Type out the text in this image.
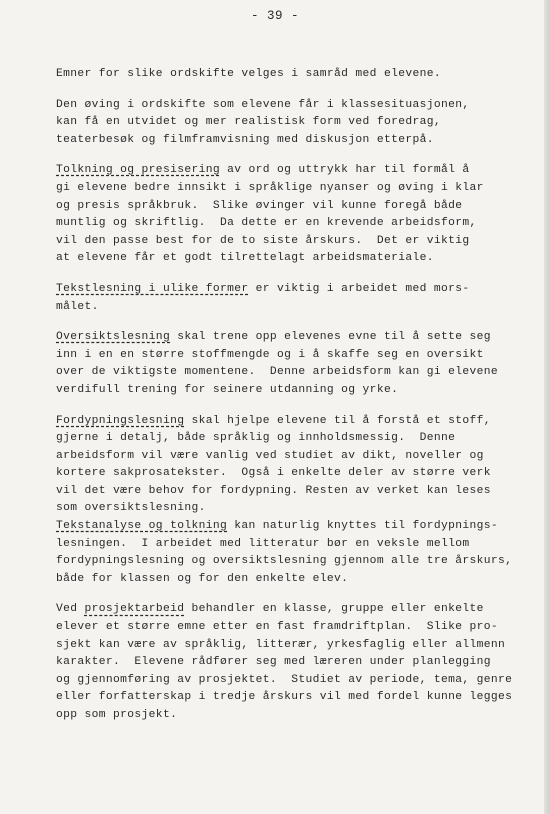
- 39 -
Emner for slike ordskifte velges i samråd med elevene.
Den øving i ordskifte som elevene får i klassesituasjonen,
kan få en utvidet og mer realistisk form ved foredrag,
teaterbesøk og filmframvisning med diskusjon etterpå.
Tolkning og presisering av ord og uttrykk har til formål å
gi elevene bedre innsikt i språklige nyanser og øving i klar
og presis språkbruk.  Slike øvinger vil kunne foregå både
muntlig og skriftlig.  Da dette er en krevende arbeidsform,
vil den passe best for de to siste årskurs.  Det er viktig
at elevene får et godt tilrettelagt arbeidsmateriale.
Tekstlesning i ulike former er viktig i arbeidet med mors-
målet.
Oversiktslesning skal trene opp elevenes evne til å sette seg
inn i en en større stoffmengde og i å skaffe seg en oversikt
over de viktigste momentene.  Denne arbeidsform kan gi elevene
verdifull trening for seinere utdanning og yrke.
Fordypningslesning skal hjelpe elevene til å forstå et stoff,
gjerne i detalj, både språklig og innholdsmessig.  Denne
arbeidsform vil være vanlig ved studiet av dikt, noveller og
kortere sakprosatekster.  Også i enkelte deler av større verk
vil det være behov for fordypning. Resten av verket kan leses
som oversiktslesning.
Tekstanalyse og tolkning kan naturlig knyttes til fordypnings-
lesningen.  I arbeidet med litteratur bør en veksle mellom
fordypningslesning og oversiktslesning gjennom alle tre årskurs,
både for klassen og for den enkelte elev.
Ved prosjektarbeid behandler en klasse, gruppe eller enkelte
elever et større emne etter en fast framdriftplan.  Slike pro-
sjekt kan være av språklig, litterær, yrkesfaglig eller allmenn
karakter.  Elevene rådfører seg med læreren under planlegging
og gjennomføring av prosjektet.  Studiet av periode, tema, genre
eller forfatterskap i tredje årskurs vil med fordel kunne legges
opp som prosjekt.
